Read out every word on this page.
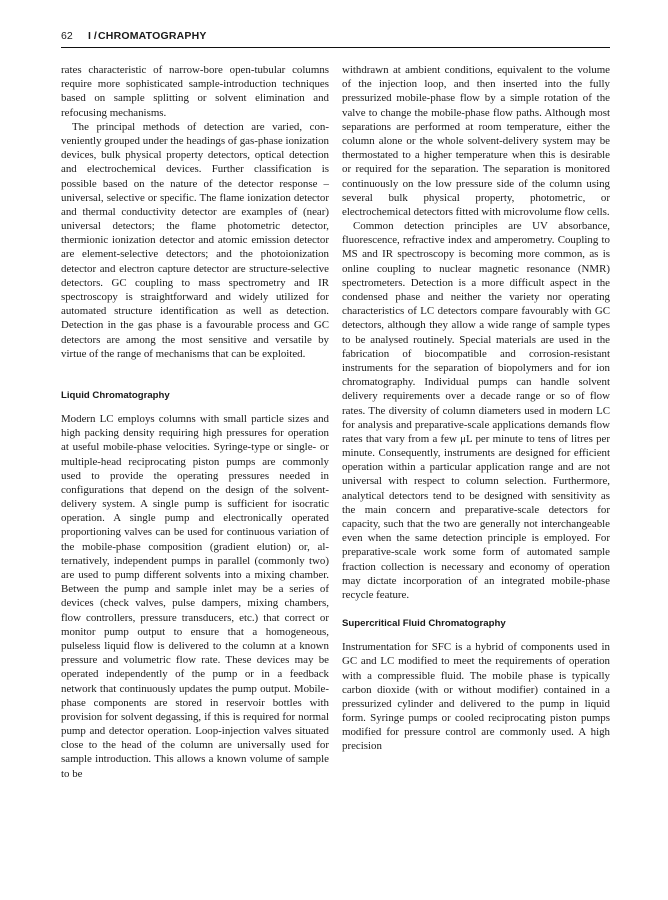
62 I / CHROMATOGRAPHY

rates characteristic of narrow-bore open-tubular columns require more sophisticated sample-introduction techniques based on sample splitting or solvent elimination and refocusing mechanisms.

The principal methods of detection are varied, conveniently grouped under the headings of gas-phase ionization devices, bulk physical property detectors, optical detection and electrochemical devices. Further classification is possible based on the nature of the detector response – universal, selective or specific. The flame ionization detector and thermal conductivity detector are examples of (near) universal detectors; the flame photometric detector, thermionic ionization detector and atomic emission detector are element-selective detectors; and the photoionization detector and electron capture detector are structure-selective detectors. GC coupling to mass spectrometry and IR spectroscopy is straightforward and widely utilized for automated structure identification as well as detection. Detection in the gas phase is a favourable process and GC detectors are among the most sensitive and versatile by virtue of the range of mechanisms that can be exploited.

Liquid Chromatography

Modern LC employs columns with small particle sizes and high packing density requiring high pressures for operation at useful mobile-phase velocities. Syringe-type or single- or multiple-head reciprocating piston pumps are commonly used to provide the operating pressures needed in configurations that depend on the design of the solvent-delivery system. A single pump is sufficient for isocratic operation. A single pump and electronically operated proportioning valves can be used for continuous variation of the mobile-phase composition (gradient elution) or, alternatively, independent pumps in parallel (commonly two) are used to pump different solvents into a mixing chamber. Between the pump and sample inlet may be a series of devices (check valves, pulse dampers, mixing chambers, flow controllers, pressure transducers, etc.) that correct or monitor pump output to ensure that a homogeneous, pulseless liquid flow is delivered to the column at a known pressure and volumetric flow rate. These devices may be operated independently of the pump or in a feedback network that continuously updates the pump output. Mobile-phase components are stored in reservoir bottles with provision for solvent degassing, if this is required for normal pump and detector operation. Loop-injection valves situated close to the head of the column are universally used for sample introduction. This allows a known volume of sample to be

withdrawn at ambient conditions, equivalent to the volume of the injection loop, and then inserted into the fully pressurized mobile-phase flow by a simple rotation of the valve to change the mobile-phase flow paths. Although most separations are performed at room temperature, either the column alone or the whole solvent-delivery system may be thermostated to a higher temperature when this is desirable or required for the separation. The separation is monitored continuously on the low pressure side of the column using several bulk physical property, photometric, or electrochemical detectors fitted with microvolume flow cells.

Common detection principles are UV absorbance, fluorescence, refractive index and amperometry. Coupling to MS and IR spectroscopy is becoming more common, as is online coupling to nuclear magnetic resonance (NMR) spectrometers. Detection is a more difficult aspect in the condensed phase and neither the variety nor operating characteristics of LC detectors compare favourably with GC detectors, although they allow a wide range of sample types to be analysed routinely. Special materials are used in the fabrication of biocompatible and corrosion-resistant instruments for the separation of biopolymers and for ion chromatography. Individual pumps can handle solvent delivery requirements over a decade range or so of flow rates. The diversity of column diameters used in modern LC for analysis and preparative-scale applications demands flow rates that vary from a few μL per minute to tens of litres per minute. Consequently, instruments are designed for efficient operation within a particular application range and are not universal with respect to column selection. Furthermore, analytical detectors tend to be designed with sensitivity as the main concern and preparative-scale detectors for capacity, such that the two are generally not interchangeable even when the same detection principle is employed. For preparative-scale work some form of automated sample fraction collection is necessary and economy of operation may dictate incorporation of an integrated mobile-phase recycle feature.

Supercritical Fluid Chromatography

Instrumentation for SFC is a hybrid of components used in GC and LC modified to meet the requirements of operation with a compressible fluid. The mobile phase is typically carbon dioxide (with or without modifier) contained in a pressurized cylinder and delivered to the pump in liquid form. Syringe pumps or cooled reciprocating piston pumps modified for pressure control are commonly used. A high precision
